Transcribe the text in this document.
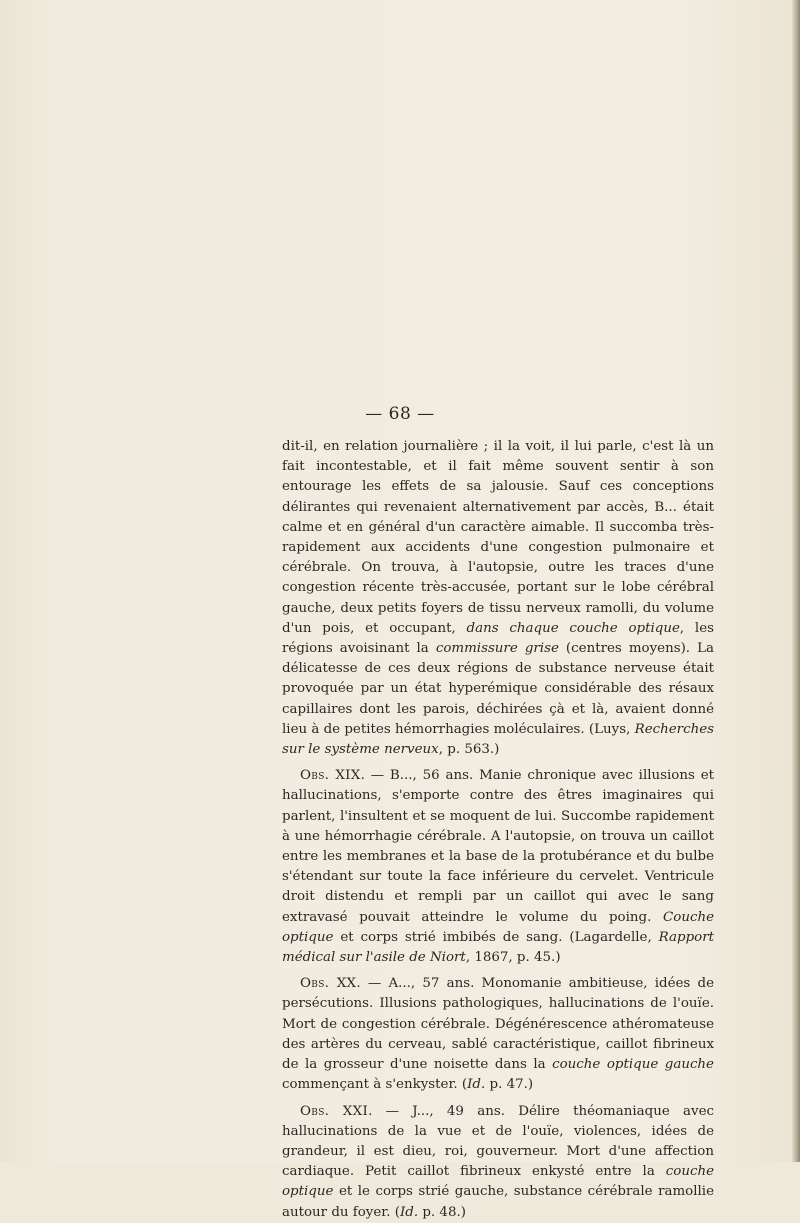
— 68 —

dit-il, en relation journalière ; il la voit, il lui parle, c'est là un fait incontestable, et il fait même souvent sentir à son entourage les effets de sa jalousie. Sauf ces conceptions délirantes qui revenaient alternativement par accès, B... était calme et en général d'un caractère aimable. Il succomba très-rapidement aux accidents d'une congestion pulmonaire et cérébrale. On trouva, à l'autopsie, outre les traces d'une congestion récente très-accusée, portant sur le lobe cérébral gauche, deux petits foyers de tissu nerveux ramolli, du volume d'un pois, et occupant, dans chaque couche optique, les régions avoisinant la commissure grise (centres moyens). La délicatesse de ces deux régions de substance nerveuse était provoquée par un état hyperémique considérable des résaux capillaires dont les parois, déchirées çà et là, avaient donné lieu à de petites hémorrhagies moléculaires. (Luys, Recherches sur le système nerveux, p. 563.)

Obs. XIX. — B..., 56 ans. Manie chronique avec illusions et hallucinations, s'emporte contre des êtres imaginaires qui parlent, l'insultent et se moquent de lui. Succombe rapidement à une hémorrhagie cérébrale. A l'autopsie, on trouva un caillot entre les membranes et la base de la protubérance et du bulbe s'étendant sur toute la face inférieure du cervelet. Ventricule droit distendu et rempli par un caillot qui avec le sang extravasé pouvait atteindre le volume du poing. Couche optique et corps strié imbibés de sang. (Lagardelle, Rapport médical sur l'asile de Niort, 1867, p. 45.)

Obs. XX. — A..., 57 ans. Monomanie ambitieuse, idées de persécutions. Illusions pathologiques, hallucinations de l'ouïe. Mort de congestion cérébrale. Dégénérescence athéromateuse des artères du cerveau, sablé caractéristique, caillot fibrineux de la grosseur d'une noisette dans la couche optique gauche commençant à s'enkyster. (Id. p. 47.)

Obs. XXI. — J..., 49 ans. Délire théomaniaque avec hallucinations de la vue et de l'ouïe, violences, idées de grandeur, il est dieu, roi, gouverneur. Mort d'une affection cardiaque. Petit caillot fibrineux enkysté entre la couche optique et le corps strié gauche, substance cérébrale ramollie autour du foyer. (Id. p. 48.)
